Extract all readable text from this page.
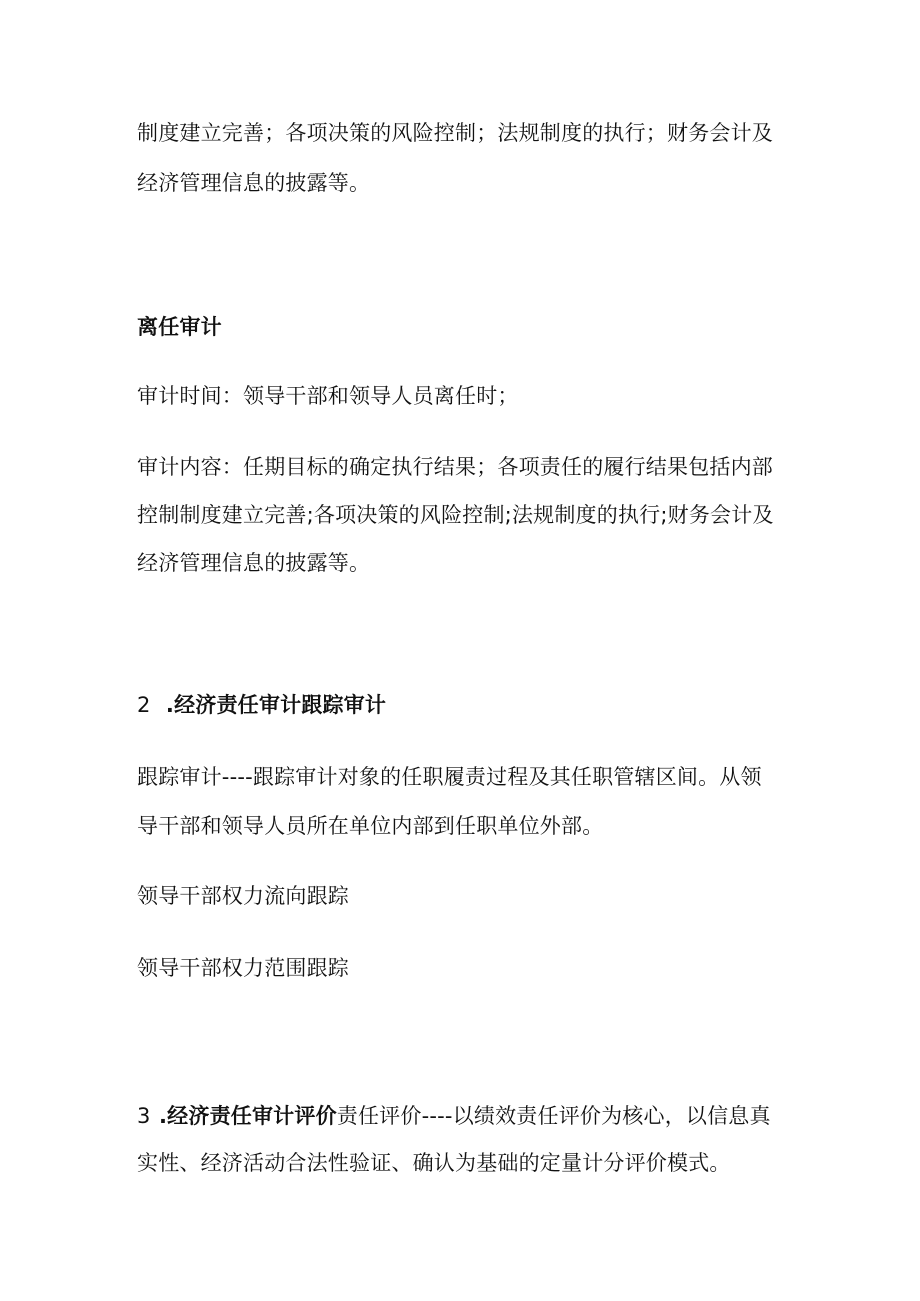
制度建立完善；各项决策的风险控制；法规制度的执行；财务会计及
经济管理信息的披露等。
离任审计
审计时间：领导干部和领导人员离任时；
审计内容：任期目标的确定执行结果；各项责任的履行结果包括内部
控制制度建立完善;各项决策的风险控制;法规制度的执行;财务会计及
经济管理信息的披露等。
2 .经济责任审计跟踪审计
跟踪审计----跟踪审计对象的任职履责过程及其任职管辖区间。从领
导干部和领导人员所在单位内部到任职单位外部。
领导干部权力流向跟踪
领导干部权力范围跟踪
3 .经济责任审计评价责任评价----以绩效责任评价为核心，以信息真
实性、经济活动合法性验证、确认为基础的定量计分评价模式。
